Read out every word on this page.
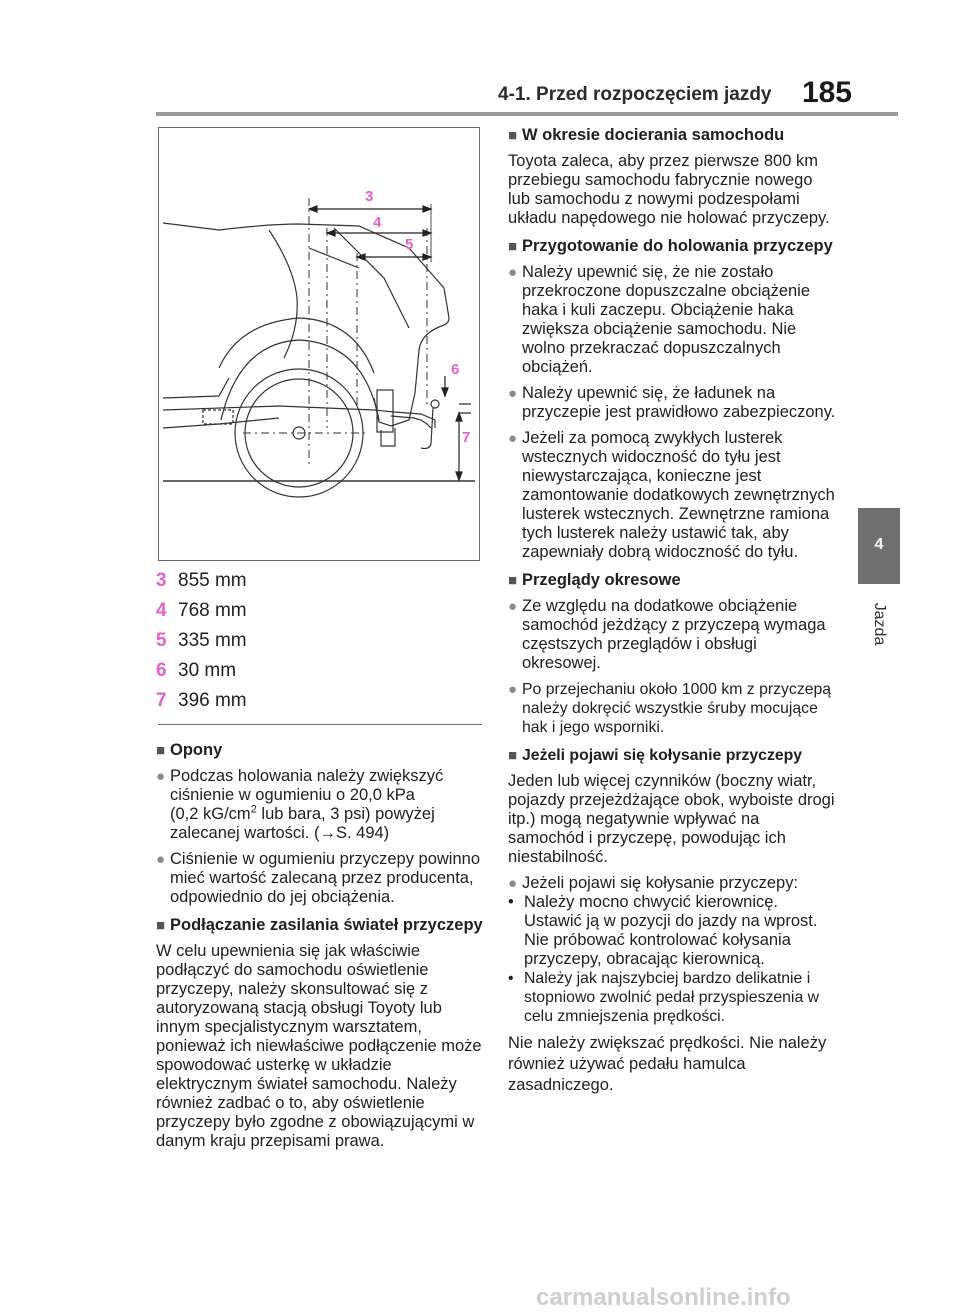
4-1. Przed rozpoczęciem jazdy 185
3
4
5
6
7
3 855 mm
4 768 mm
5 335 mm
6 30 mm
7 396 mm
■ Opony
● Podczas holowania należy zwiększyć
ciśnienie w ogumieniu o 20,0 kPa
(0,2 $kG/cm^2$ lub bara, 3 psi) powyżej
zalecanej wartości. (→S. 494)
● Ciśnienie w ogumieniu przyczepy powinno mieć wartość zalecaną przez producenta, odpowiednio do jej obciążenia.
■ Podłączanie zasilania świateł przyczepy
W celu upewnienia się jak właściwie podłączyć do samochodu oświetlenie przyczepy, należy skonsultować się z autoryzowaną stacją obsługi Toyoty lub innym specjalistycznym warsztatem, ponieważ ich niewłaściwe podłączenie może spowodować usterkę w układzie elektrycznym świateł samochodu. Należy również zadbać o to, aby oświetlenie przyczepy było zgodne z obowiązującymi w danym kraju przepisami prawa.
■ W okresie docierania samochodu
Toyota zaleca, aby przez pierwsze 800 km przebiegu samochodu fabrycznie nowego lub samochodu z nowymi podzespołami układu napędowego nie holować przyczepy.
■ Przygotowanie do holowania przyczepy
● Należy upewnić się, że nie zostało przekroczone dopuszczalne obciążenie haka i kuli zaczepu. Obciążenie haka zwiększa obciążenie samochodu. Nie wolno przekraczać dopuszczalnych obciążeń.
● Należy upewnić się, że ładunek na przyczepie jest prawidłowo zabezpieczony.
● Jeżeli za pomocą zwykłych lusterek wstecznych widoczność do tyłu jest niewystarczająca, konieczne jest zamontowanie dodatkowych zewnętrznych lusterek wstecznych. Zewnętrzne ramiona tych lusterek należy ustawić tak, aby zapewniały dobrą widoczność do tyłu.
■ Przeglądy okresowe
● Ze względu na dodatkowe obciążenie samochód jeżdżący z przyczepą wymaga częstszych przeglądów i obsługi okresowej.
● Po przejechaniu około 1000 km z przyczepą należy dokręcić wszystkie śruby mocujące hak i jego wsporniki.
■ Jeżeli pojawi się kołysanie przyczepy
Jeden lub więcej czynników (boczny wiatr, pojazdy przejeżdżające obok, wyboiste drogi itp.) mogą negatywnie wpływać na samochód i przyczepę, powodując ich niestabilność.
● Jeżeli pojawi się kołysanie przyczepy:
• Należy mocno chwycić kierownicę.
Ustawić ją w pozycji do jazdy na wprost.
Nie próbować kontrolować kołysania przyczepy, obracając kierownicą.
• Należy jak najszybciej bardzo delikatnie i stopniowo zwolnić pedał przyspieszenia w celu zmniejszenia prędkości.
Nie należy zwiększać prędkości. Nie należy również używać pedału hamulca zasadniczego.
4
Jazda
carmanualsonline.info
